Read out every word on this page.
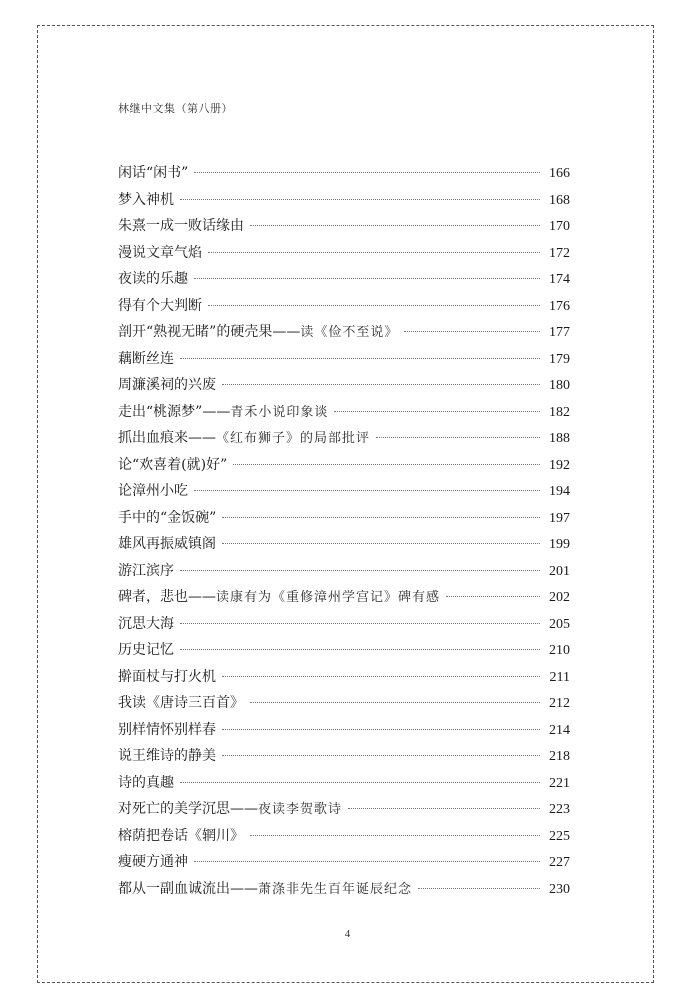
林继中文集（第八册）
闲话“闲书”	166
梦入神机	168
朱熹一成一败话缘由	170
漫说文章气焰	172
夜读的乐趣	174
得有个大判断	176
剖开“熟视无睹”的硬壳果——读《俭不至说》	177
藕断丝连	179
周濂溪祠的兴废	180
走出“桃源梦”——青禾小说印象谈	182
抓出血痕来——《红布狮子》的局部批评	188
论“欢喜着(就)好”	192
论漳州小吃	194
手中的“金饭碗”	197
雄风再振威镇阁	199
游江滨序	201
碑者，悲也——读康有为《重修漳州学宫记》碑有感	202
沉思大海	205
历史记忆	210
擀面杖与打火机	211
我读《唐诗三百首》	212
别样情怀别样春	214
说王维诗的静美	218
诗的真趣	221
对死亡的美学沉思——夜读李贺歌诗	223
榕荫把卷话《辋川》	225
瘦硬方通神	227
都从一副血诚流出——萧涤非先生百年诞辰纪念	230
4
